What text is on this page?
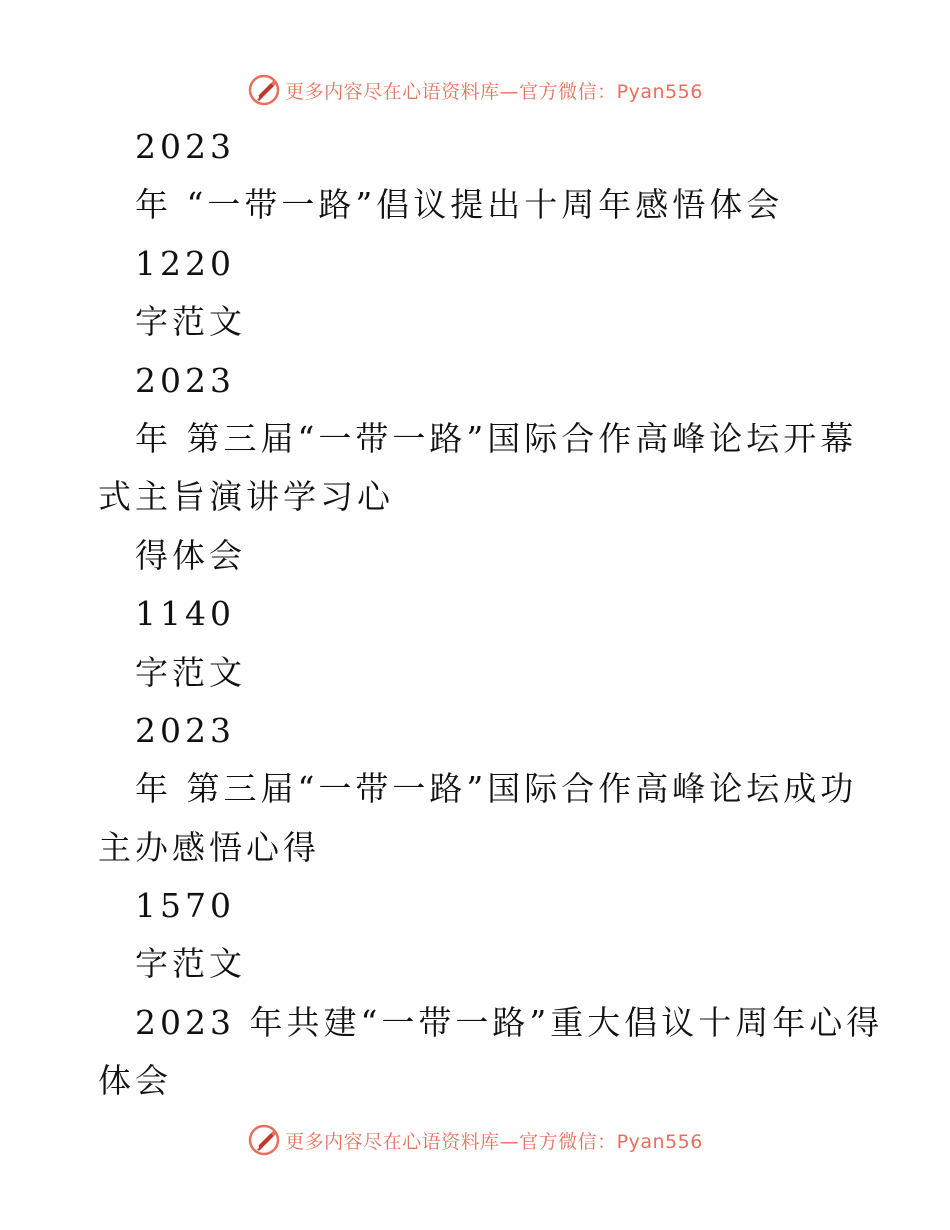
更多内容尽在心语资料库—官方微信：Pyan556
2023
年 “一带一路”倡议提出十周年感悟体会
1220
字范文
2023
年 第三届“一带一路”国际合作高峰论坛开幕
式主旨演讲学习心
得体会
1140
字范文
2023
年 第三届“一带一路”国际合作高峰论坛成功
主办感悟心得
1570
字范文
2023 年共建“一带一路”重大倡议十周年心得
体会
更多内容尽在心语资料库—官方微信：Pyan556
